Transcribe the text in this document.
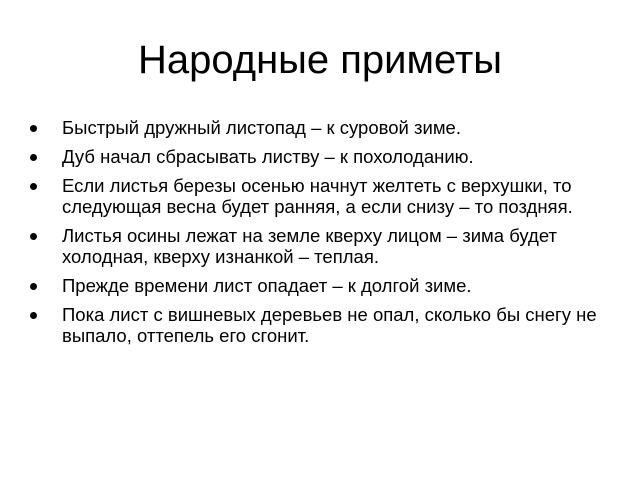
Народные приметы
Быстрый дружный листопад – к суровой зиме.
Дуб начал сбрасывать листву – к похолоданию.
Если листья березы осенью начнут желтеть с верхушки, то следующая весна будет ранняя, а если снизу – то поздняя.
Листья осины лежат на земле кверху лицом – зима будет холодная, кверху изнанкой – теплая.
Прежде времени лист опадает – к долгой зиме.
Пока лист с вишневых деревьев не опал, сколько бы снегу не выпало, оттепель его сгонит.
